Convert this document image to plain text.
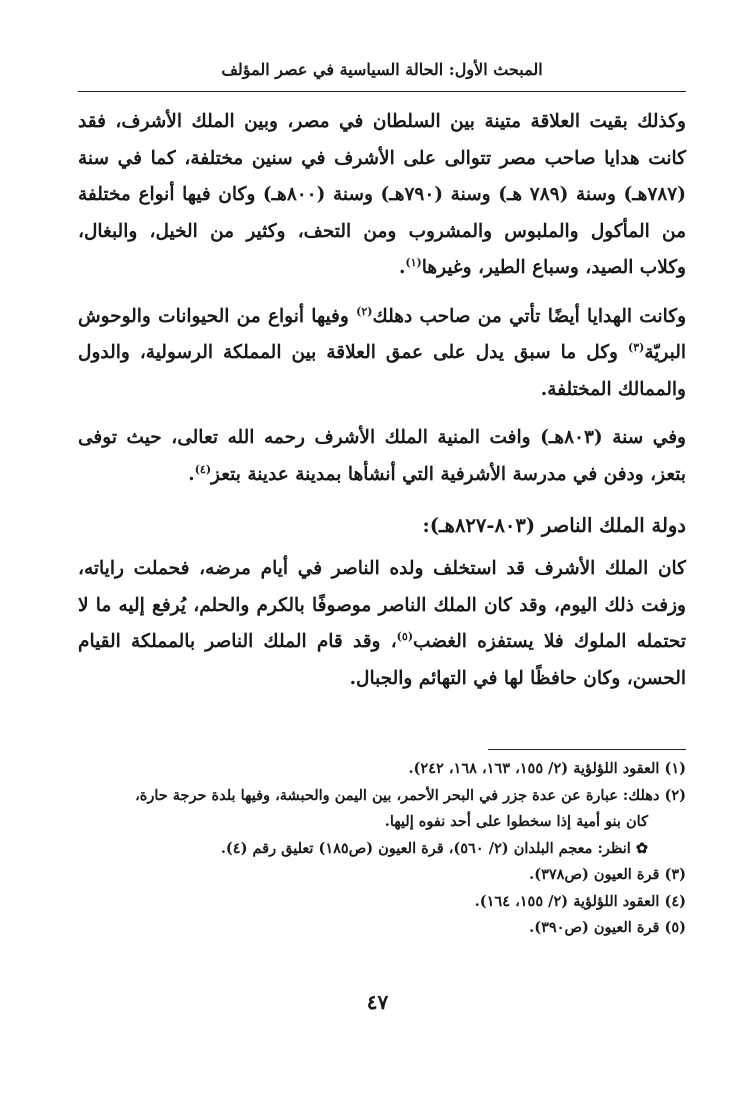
المبحث الأول: الحالة السياسية في عصر المؤلف

وكذلك بقيت العلاقة متينة بين السلطان في مصر، وبين الملك الأشرف، فقد كانت هدايا صاحب مصر تتوالى على الأشرف في سنين مختلفة، كما في سنة (٧٨٧هـ) وسنة (٧٨٩ هـ) وسنة (٧٩٠هـ) وسنة (٨٠٠هـ) وكان فيها أنواع مختلفة من المأكول والملبوس والمشروب ومن التحف، وكثير من الخيل، والبغال، وكلاب الصيد، وسباع الطير، وغيرها$^{(١)}$.

وكانت الهدايا أيضًا تأتي من صاحب دهلك$^{(٢)}$ وفيها أنواع من الحيوانات والوحوش البريّة$^{(٣)}$ وكل ما سبق يدل على عمق العلاقة بين المملكة الرسولية، والدول والممالك المختلفة.

وفي سنة (٨٠٣هـ) وافت المنية الملك الأشرف رحمه الله تعالى، حيث توفى بتعز، ودفن في مدرسة الأشرفية التي أنشأها بمدينة عدينة بتعز$^{(٤)}$.

دولة الملك الناصر (٨٠٣-٨٢٧هـ):

كان الملك الأشرف قد استخلف ولده الناصر في أيام مرضه، فحملت راياته، وزفت ذلك اليوم، وقد كان الملك الناصر موصوفًا بالكرم والحلم، يُرفع إليه ما لا تحتمله الملوك فلا يستفزه الغضب$^{(٥)}$، وقد قام الملك الناصر بالمملكة القيام الحسن، وكان حافظًا لها في التهائم والجبال.

(١) العقود اللؤلؤية (٢/ ١٥٥، ١٦٣، ١٦٨، ٢٤٢).

(٢) دهلك: عبارة عن عدة جزر في البحر الأحمر، بين اليمن والحبشة، وفيها بلدة حرجة حارة،

كان بنو أمية إذا سخطوا على أحد نفوه إليها.

✿ انظر: معجم البلدان (٢/ ٥٦٠)، قرة العيون (ص١٨٥) تعليق رقم (٤).

(٣) قرة العيون (ص٣٧٨).

(٤) العقود اللؤلؤية (٢/ ١٥٥، ١٦٤).

(٥) قرة العيون (ص٣٩٠).

٤٧
